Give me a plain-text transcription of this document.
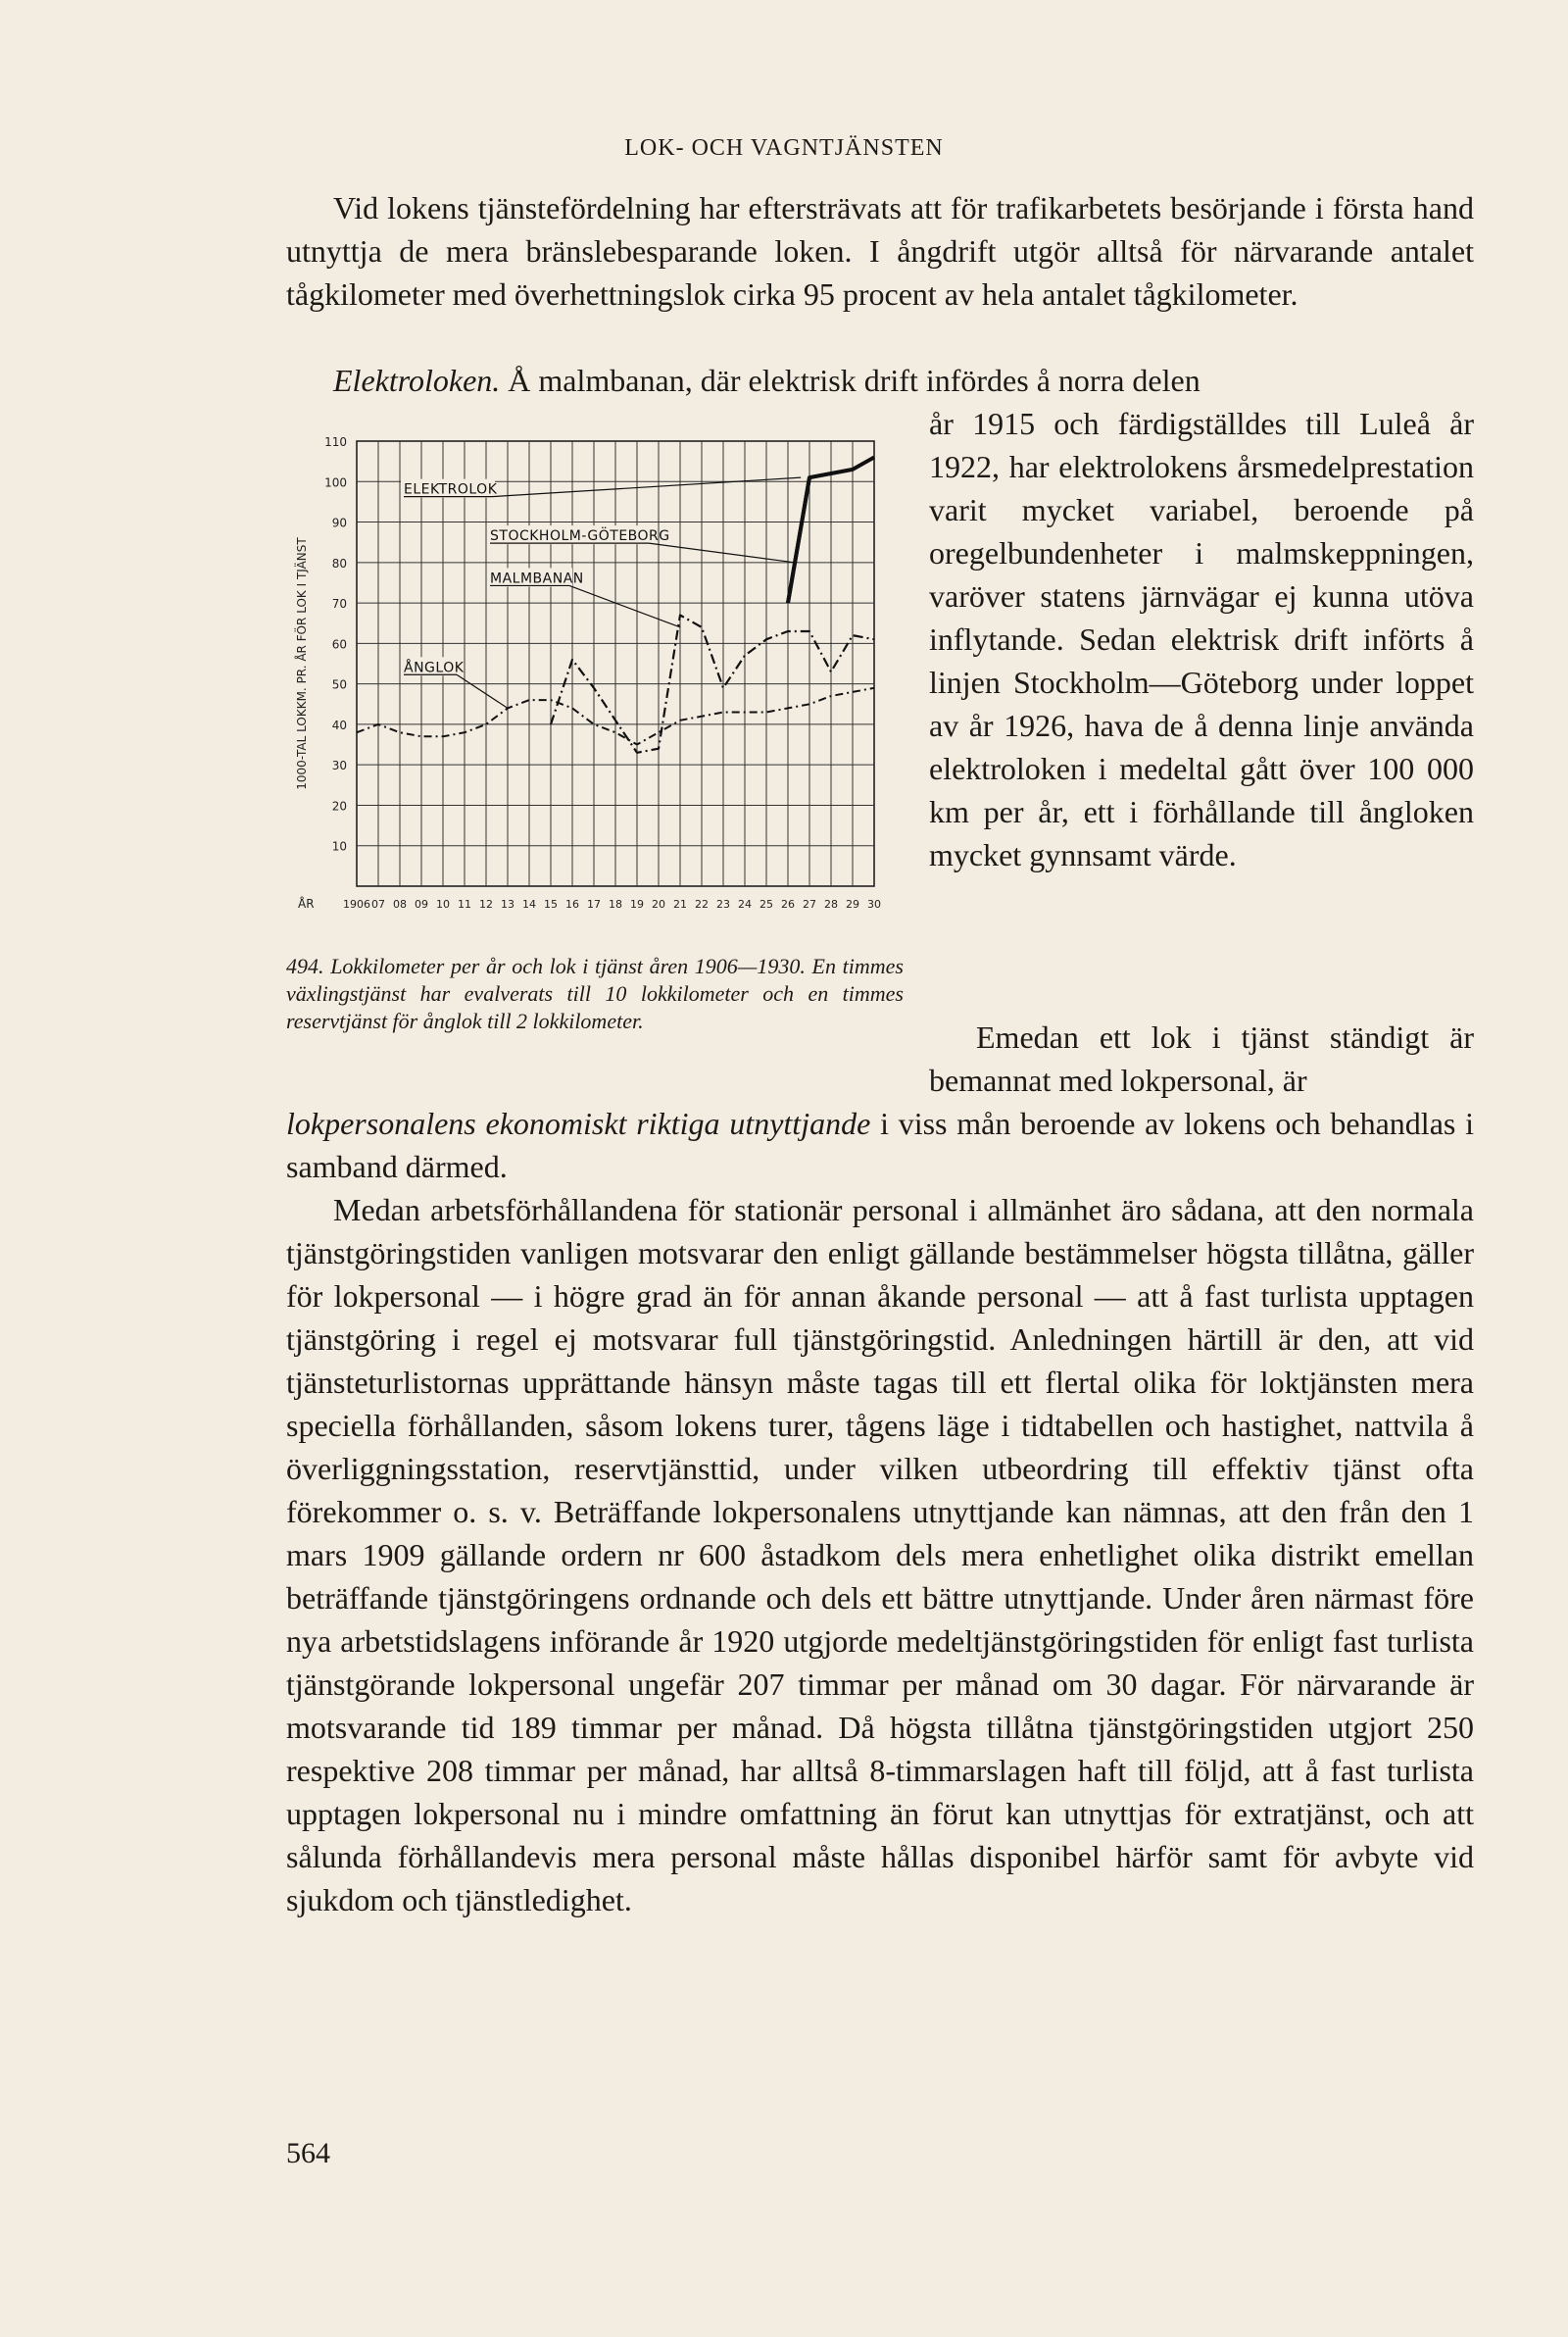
LOK- OCH VAGNTJÄNSTEN

Vid lokens tjänstefördelning har eftersträvats att för trafikarbetets besörjande i första hand utnyttja de mera bränslebesparande loken. I ångdrift utgör alltså för närvarande antalet tågkilometer med överhettningslok cirka 95 procent av hela antalet tågkilometer.

Elektroloken. Å malmbanan, där elektrisk drift infördes å norra delen

år 1915 och färdigställdes till Luleå år 1922, har elektrolokens årsmedelprestation varit mycket variabel, beroende på oregelbundenheter i malmskeppningen, varöver statens järnvägar ej kunna utöva inflytande. Sedan elektrisk drift införts å linjen Stockholm—Göteborg under loppet av år 1926, hava de å denna linje använda elektroloken i medeltal gått över 100 000 km per år, ett i förhållande till ångloken mycket gynnsamt värde.

10
20
30
40
50
60
70
80
90
100
110
1906 07 08 09 10 11 12 13 14 15 16 17 18 19 20 21 22 23 24 25 26 27 28 29 30
ÅR
1000-TAL LOKKM. PR. ÅR FÖR LOK I TJÄNST
ELEKTROLOK
STOCKHOLM-GÖTEBORG
MALMBANAN
ÅNGLOK

494. Lokkilometer per år och lok i tjänst åren 1906—1930. En timmes växlingstjänst har evalverats till 10 lokkilometer och en timmes reservtjänst för ånglok till 2 lokkilometer.	Emedan ett lok i tjänst ständigt är bemannat med lokpersonal, är

lokpersonalens ekonomiskt riktiga utnyttjande i viss mån beroende av lokens och behandlas i samband därmed.

Medan arbetsförhållandena för stationär personal i allmänhet äro sådana, att den normala tjänstgöringstiden vanligen motsvarar den enligt gällande bestämmelser högsta tillåtna, gäller för lokpersonal — i högre grad än för annan åkande personal — att å fast turlista upptagen tjänstgöring i regel ej motsvarar full tjänstgöringstid. Anledningen härtill är den, att vid tjänsteturlistornas upprättande hänsyn måste tagas till ett flertal olika för loktjänsten mera speciella förhållanden, såsom lokens turer, tågens läge i tidtabellen och hastighet, nattvila å överliggningsstation, reservtjänsttid, under vilken utbeordring till effektiv tjänst ofta förekommer o. s. v. Beträffande lokpersonalens utnyttjande kan nämnas, att den från den 1 mars 1909 gällande ordern nr 600 åstadkom dels mera enhetlighet olika distrikt emellan beträffande tjänstgöringens ordnande och dels ett bättre utnyttjande. Under åren närmast före nya arbetstidslagens införande år 1920 utgjorde medeltjänstgöringstiden för enligt fast turlista tjänstgörande lokpersonal ungefär 207 timmar per månad om 30 dagar. För närvarande är motsvarande tid 189 timmar per månad. Då högsta tillåtna tjänstgöringstiden utgjort 250 respektive 208 timmar per månad, har alltså 8-timmarslagen haft till följd, att å fast turlista upptagen lokpersonal nu i mindre omfattning än förut kan utnyttjas för extratjänst, och att sålunda förhållandevis mera personal måste hållas disponibel härför samt för avbyte vid sjukdom och tjänstledighet.

564
